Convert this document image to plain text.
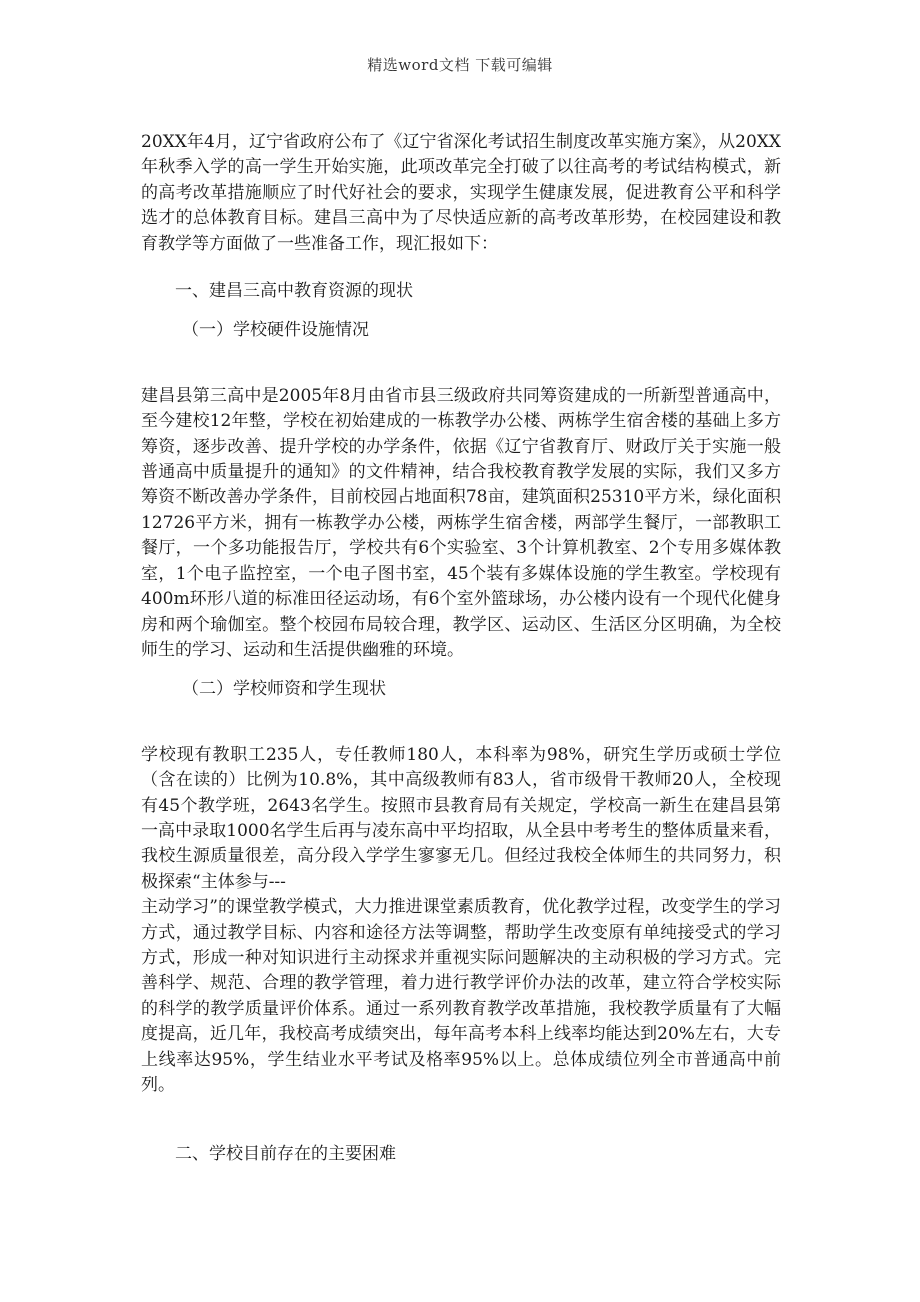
精选word文档 下载可编辑

20XX年4月，辽宁省政府公布了《辽宁省深化考试招生制度改革实施方案》，从20XX年秋季入学的高一学生开始实施，此项改革完全打破了以往高考的考试结构模式，新的高考改革措施顺应了时代好社会的要求，实现学生健康发展，促进教育公平和科学选才的总体教育目标。建昌三高中为了尽快适应新的高考改革形势，在校园建设和教育教学等方面做了一些准备工作，现汇报如下：

一、建昌三高中教育资源的现状

（一）学校硬件设施情况

建昌县第三高中是2005年8月由省市县三级政府共同筹资建成的一所新型普通高中，至今建校12年整，学校在初始建成的一栋教学办公楼、两栋学生宿舍楼的基础上多方筹资，逐步改善、提升学校的办学条件，依据《辽宁省教育厅、财政厅关于实施一般普通高中质量提升的通知》的文件精神，结合我校教育教学发展的实际，我们又多方筹资不断改善办学条件，目前校园占地面积78亩，建筑面积25310平方米，绿化面积12726平方米，拥有一栋教学办公楼，两栋学生宿舍楼，两部学生餐厅，一部教职工餐厅，一个多功能报告厅，学校共有6个实验室、3个计算机教室、2个专用多媒体教室，1个电子监控室，一个电子图书室，45个装有多媒体设施的学生教室。学校现有400m环形八道的标准田径运动场，有6个室外篮球场，办公楼内设有一个现代化健身房和两个瑜伽室。整个校园布局较合理，教学区、运动区、生活区分区明确，为全校师生的学习、运动和生活提供幽雅的环境。

（二）学校师资和学生现状

学校现有教职工235人，专任教师180人，本科率为98%，研究生学历或硕士学位（含在读的）比例为10.8%，其中高级教师有83人，省市级骨干教师20人，全校现有45个教学班，2643名学生。按照市县教育局有关规定，学校高一新生在建昌县第一高中录取1000名学生后再与凌东高中平均招取，从全县中考考生的整体质量来看，我校生源质量很差，高分段入学学生寥寥无几。但经过我校全体师生的共同努力，积极探索“主体参与---

主动学习”的课堂教学模式，大力推进课堂素质教育，优化教学过程，改变学生的学习方式，通过教学目标、内容和途径方法等调整，帮助学生改变原有单纯接受式的学习方式，形成一种对知识进行主动探求并重视实际问题解决的主动积极的学习方式。完善科学、规范、合理的教学管理，着力进行教学评价办法的改革，建立符合学校实际的科学的教学质量评价体系。通过一系列教育教学改革措施，我校教学质量有了大幅度提高，近几年，我校高考成绩突出，每年高考本科上线率均能达到20%左右，大专上线率达95%，学生结业水平考试及格率95%以上。总体成绩位列全市普通高中前列。

二、学校目前存在的主要困难
